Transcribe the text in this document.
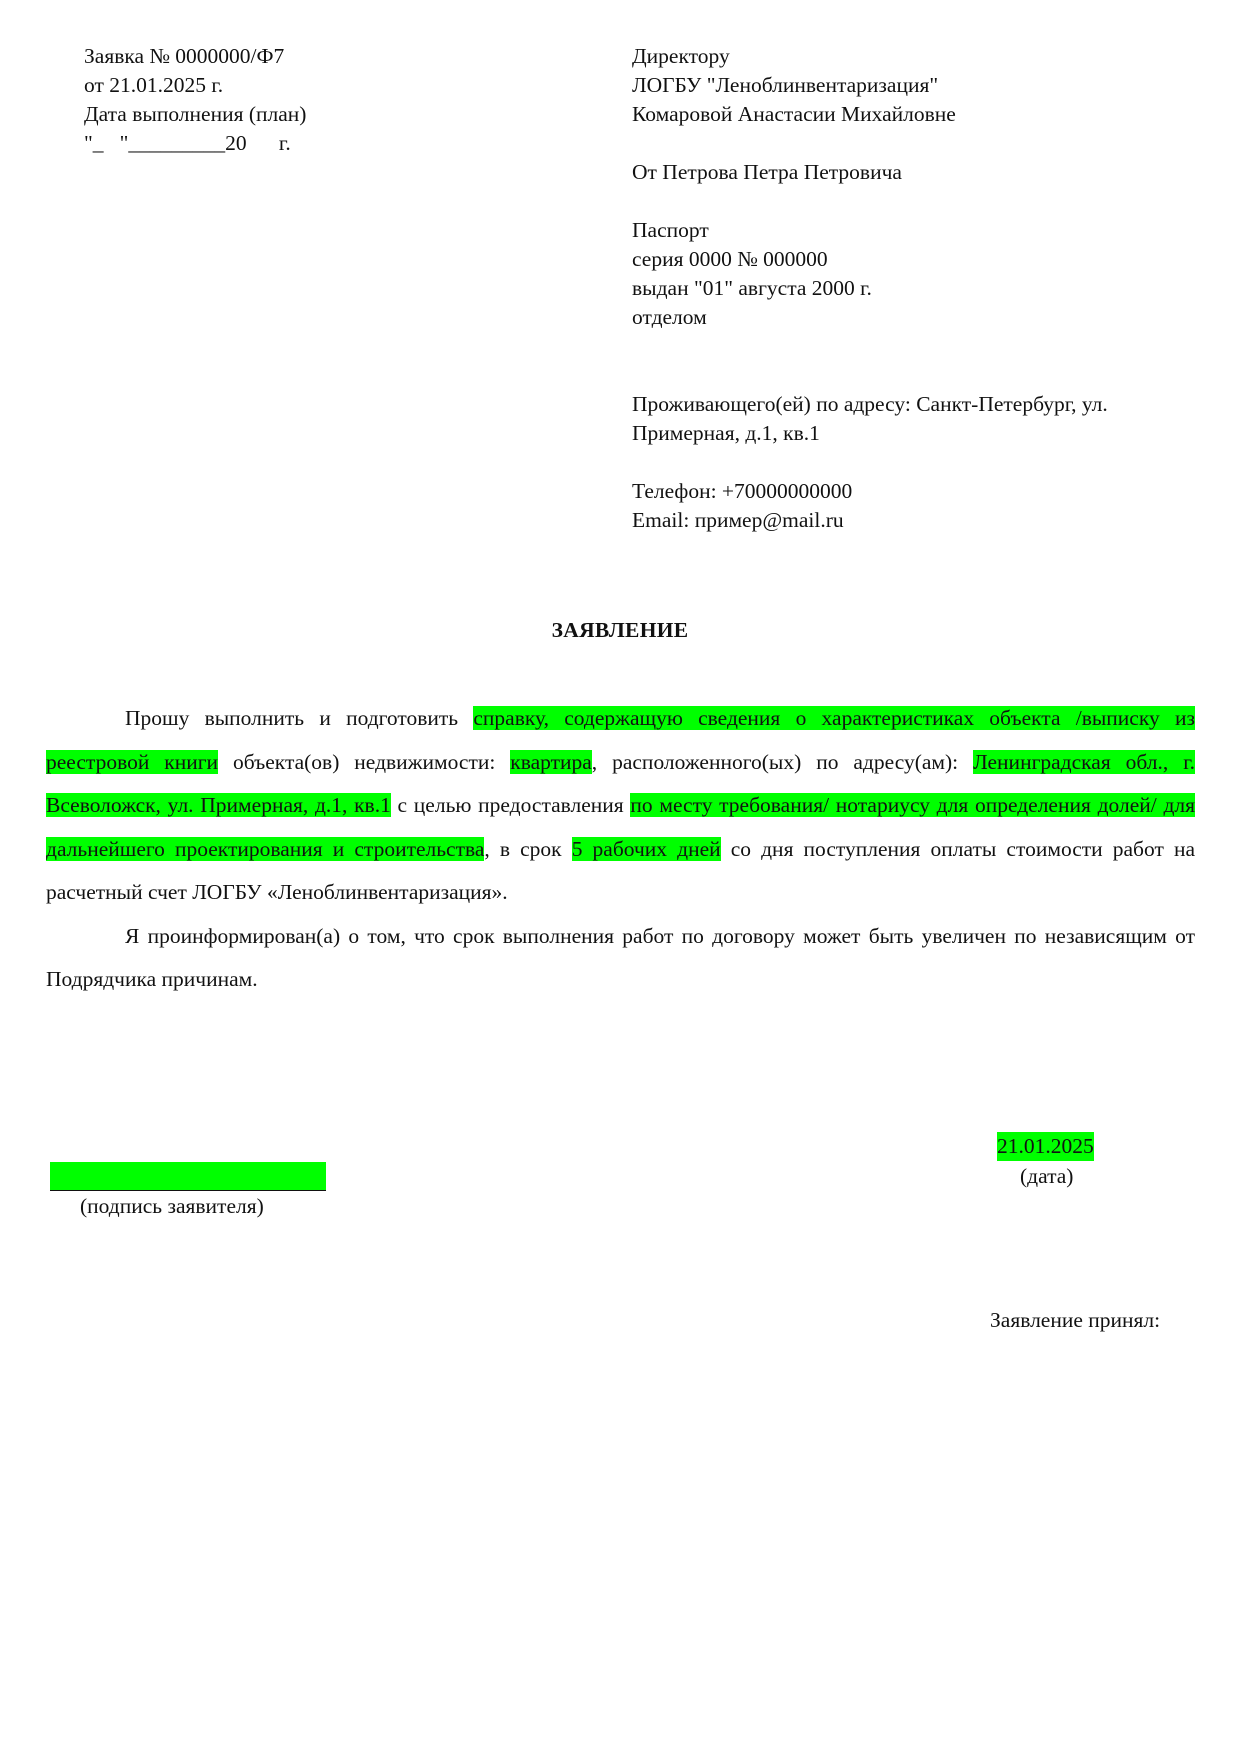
Заявка № 0000000/Ф7
от 21.01.2025 г.
Дата выполнения (план)
"_   "_________20      г.
Директору
ЛОГБУ "Леноблинвентаризация"
Комаровой Анастасии Михайловне
От Петрова Петра Петровича
Паспорт
серия 0000 № 000000
выдан "01" августа 2000 г.
отделом
Проживающего(ей) по адресу: Санкт-Петербург, ул.
Примерная, д.1, кв.1
Телефон: +70000000000
Email: пример@mail.ru
ЗАЯВЛЕНИЕ

Прошу выполнить и подготовить справку, содержащую сведения о характеристиках объекта /выписку из реестровой книги объекта(ов) недвижимости: квартира, расположенного(ых) по адресу(ам): Ленинградская обл., г. Всеволожск, ул. Примерная, д.1, кв.1 с целью предоставления по месту требования/ нотариусу для определения долей/ для дальнейшего проектирования и строительства, в срок 5 рабочих дней со дня поступления оплаты стоимости работ на расчетный счет ЛОГБУ «Леноблинвентаризация».

Я проинформирован(а) о том, что срок выполнения работ по договору может быть увеличен по независящим от Подрядчика причинам.

(подпись заявителя)
21.01.2025
(дата)
Заявление принял:
